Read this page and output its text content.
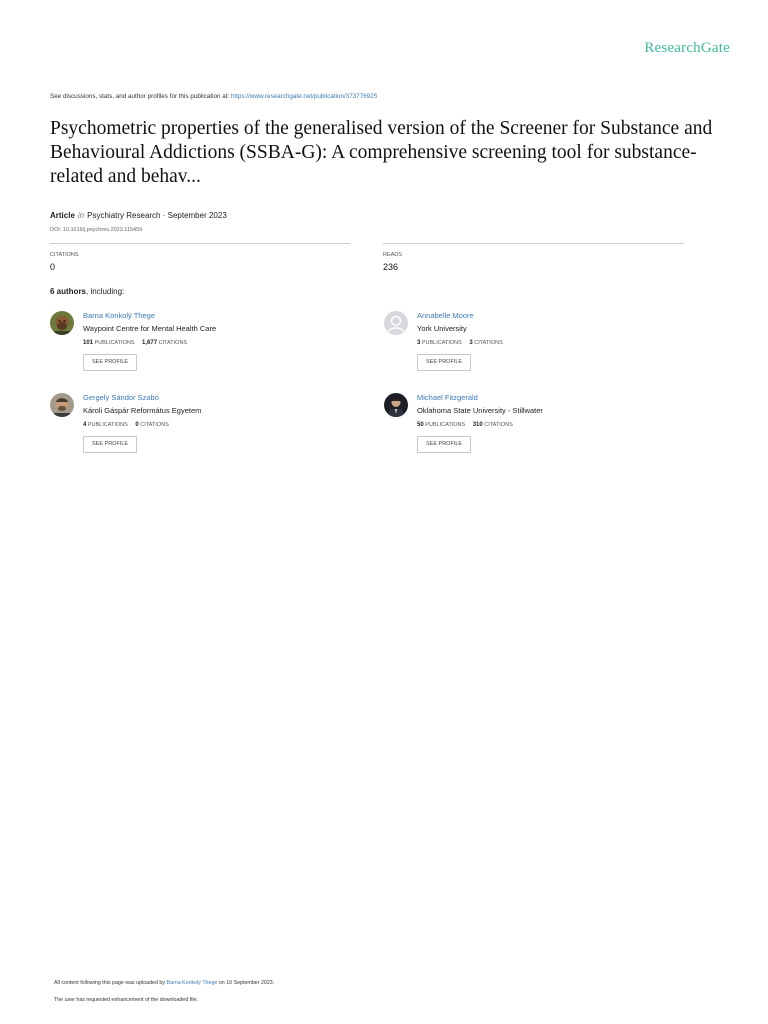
ResearchGate
See discussions, stats, and author profiles for this publication at: https://www.researchgate.net/publication/373776925
Psychometric properties of the generalised version of the Screener for Substance and Behavioural Addictions (SSBA-G): A comprehensive screening tool for substance-related and behav...
Article in Psychiatry Research · September 2023
DOI: 10.1016/j.psychres.2023.115459
CITATIONS
0
READS
236
6 authors, including:
Barna Konkolÿ Thege
Waypoint Centre for Mental Health Care
101 PUBLICATIONS 1,677 CITATIONS
SEE PROFILE
Annabelle Moore
York University
3 PUBLICATIONS 3 CITATIONS
SEE PROFILE
Gergely Sándor Szabó
Károli Gáspár Református Egyetem
4 PUBLICATIONS 0 CITATIONS
SEE PROFILE
Michael Fitzgerald
Oklahoma State University - Stillwater
50 PUBLICATIONS 310 CITATIONS
SEE PROFILE
All content following this page was uploaded by Barna Konkolÿ Thege on 10 September 2023.
The user has requested enhancement of the downloaded file.
